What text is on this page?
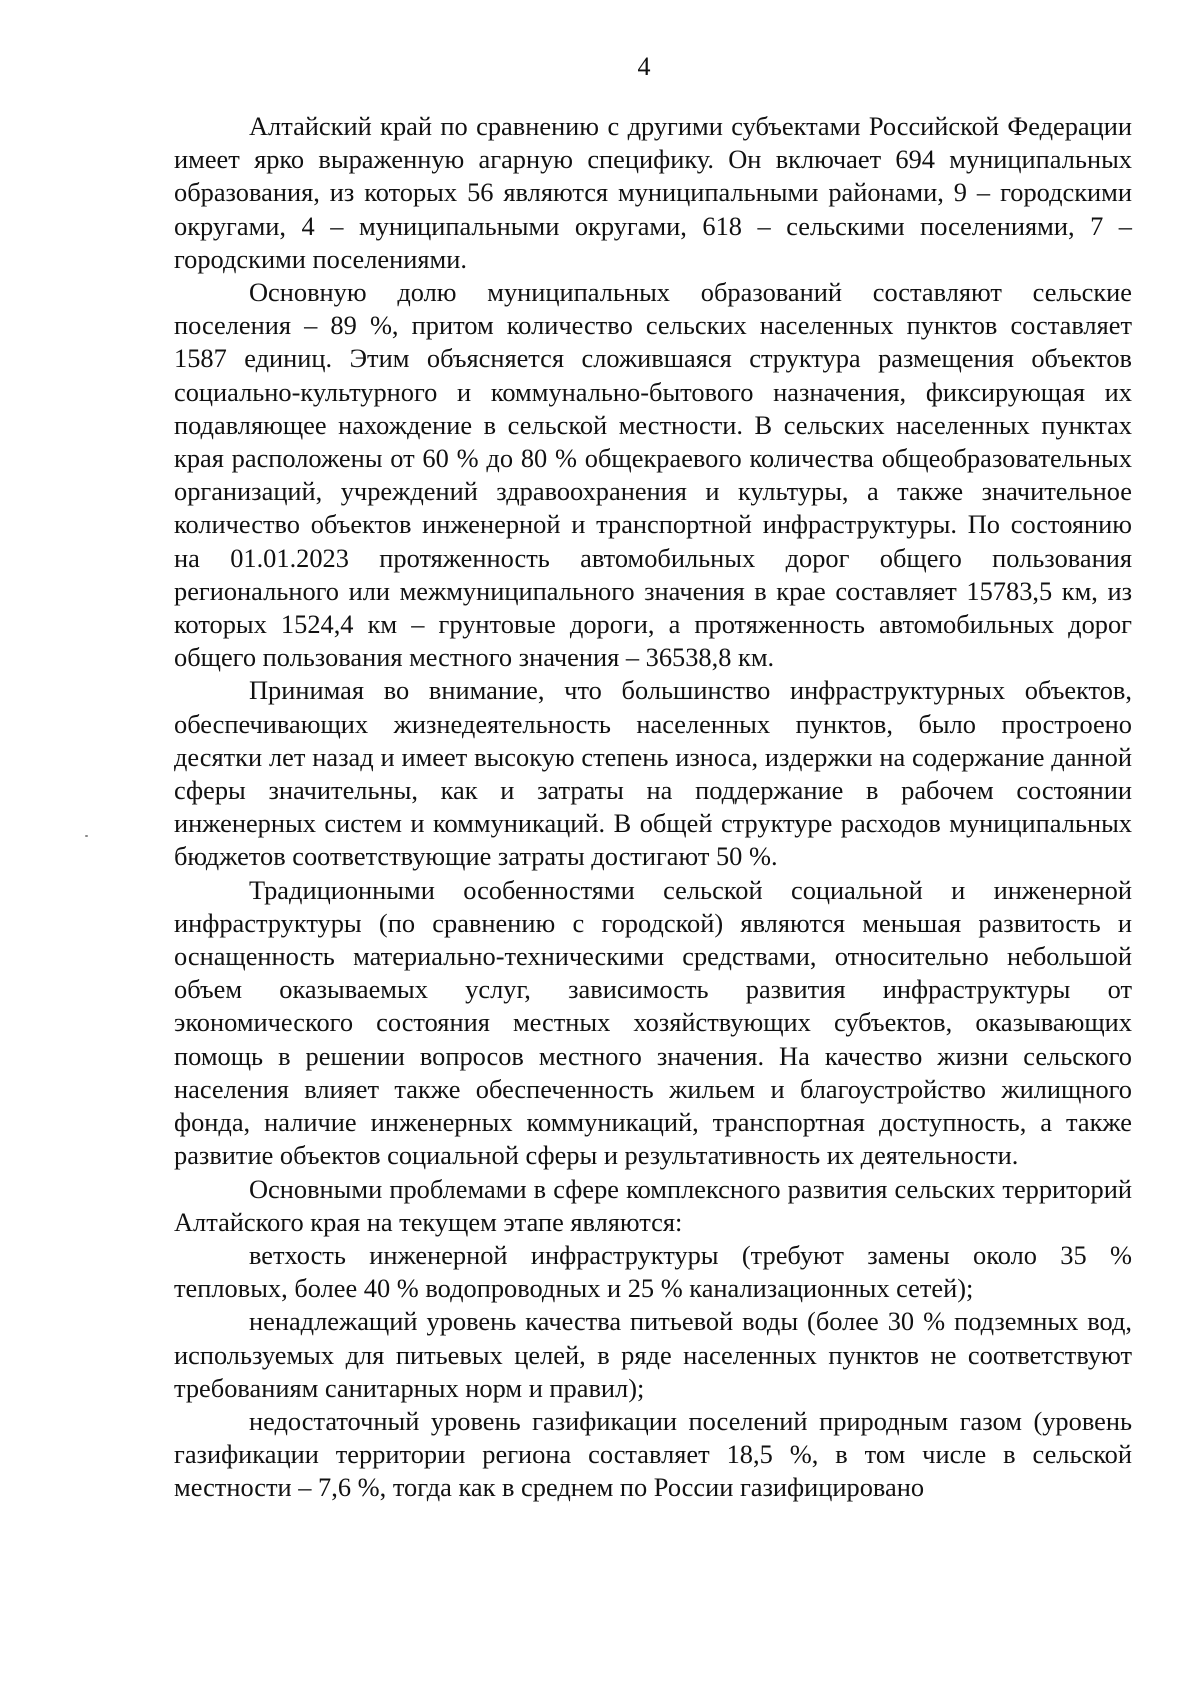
4

Алтайский край по сравнению с другими субъектами Российской Федерации имеет ярко выраженную агарную специфику. Он включает 694 муниципальных образования, из которых 56 являются муниципальными районами, 9 – городскими округами, 4 – муниципальными округами, 618 – сельскими поселениями, 7 – городскими поселениями.

Основную долю муниципальных образований составляют сельские поселения – 89 %, притом количество сельских населенных пунктов составляет 1587 единиц. Этим объясняется сложившаяся структура размещения объектов социально-культурного и коммунально-бытового назначения, фиксирующая их подавляющее нахождение в сельской местности. В сельских населенных пунктах края расположены от 60 % до 80 % общекраевого количества общеобразовательных организаций, учреждений здравоохранения и культуры, а также значительное количество объектов инженерной и транспортной инфраструктуры. По состоянию на 01.01.2023 протяженность автомобильных дорог общего пользования регионального или межмуниципального значения в крае составляет 15783,5 км, из которых 1524,4 км – грунтовые дороги, а протяженность автомобильных дорог общего пользования местного значения – 36538,8 км.

Принимая во внимание, что большинство инфраструктурных объектов, обеспечивающих жизнедеятельность населенных пунктов, было простроено десятки лет назад и имеет высокую степень износа, издержки на содержание данной сферы значительны, как и затраты на поддержание в рабочем состоянии инженерных систем и коммуникаций. В общей структуре расходов муниципальных бюджетов соответствующие затраты достигают 50 %.

Традиционными особенностями сельской социальной и инженерной инфраструктуры (по сравнению с городской) являются меньшая развитость и оснащенность материально-техническими средствами, относительно небольшой объем оказываемых услуг, зависимость развития инфраструктуры от экономического состояния местных хозяйствующих субъектов, оказывающих помощь в решении вопросов местного значения. На качество жизни сельского населения влияет также обеспеченность жильем и благоустройство жилищного фонда, наличие инженерных коммуникаций, транспортная доступность, а также развитие объектов социальной сферы и результативность их деятельности.

Основными проблемами в сфере комплексного развития сельских территорий Алтайского края на текущем этапе являются:

ветхость инженерной инфраструктуры (требуют замены около 35 % тепловых, более 40 % водопроводных и 25 % канализационных сетей);

ненадлежащий уровень качества питьевой воды (более 30 % подземных вод, используемых для питьевых целей, в ряде населенных пунктов не соответствуют требованиям санитарных норм и правил);

недостаточный уровень газификации поселений природным газом (уровень газификации территории региона составляет 18,5 %, в том числе в сельской местности – 7,6 %, тогда как в среднем по России газифицировано
